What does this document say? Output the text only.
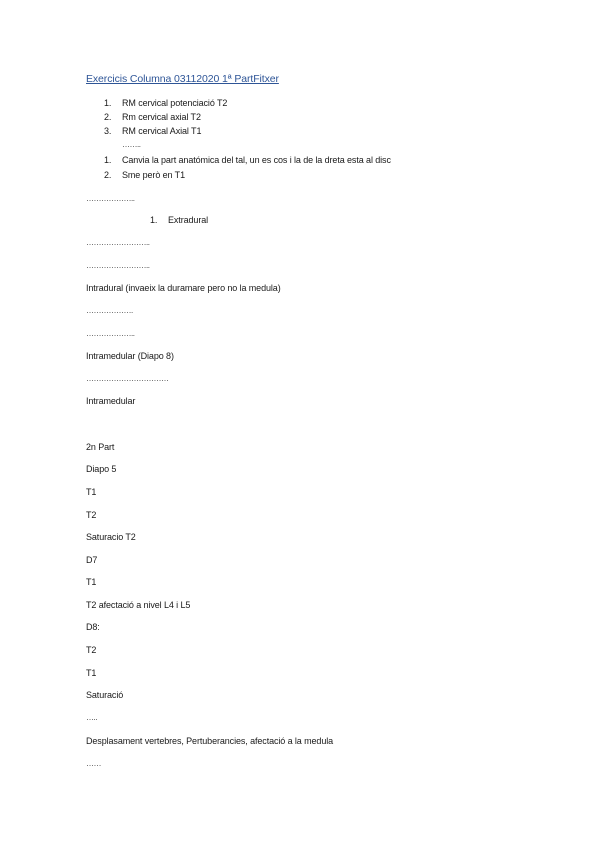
Exercicis Columna 03112020 1ª PartFitxer
1. RM cervical potenciació T2
2. Rm cervical axial T2
3. RM cervical Axial T1
……..
1. Canvia la part anatómica del tal, un es cos i la de la dreta esta al disc
2. Sme però en T1
………………..
1. Extradural
……………………..
……………………..
Intradural (invaeix la duramare pero no la medula)
……………….
………………..
Intramedular (Diapo 8)
……………………………
Intramedular
2n Part
Diapo 5
T1
T2
Saturacio T2
D7
T1
T2 afectació a nivel L4 i L5
D8:
T2
T1
Saturació
…..
Desplasament vertebres, Pertuberancies, afectació a la medula
……
